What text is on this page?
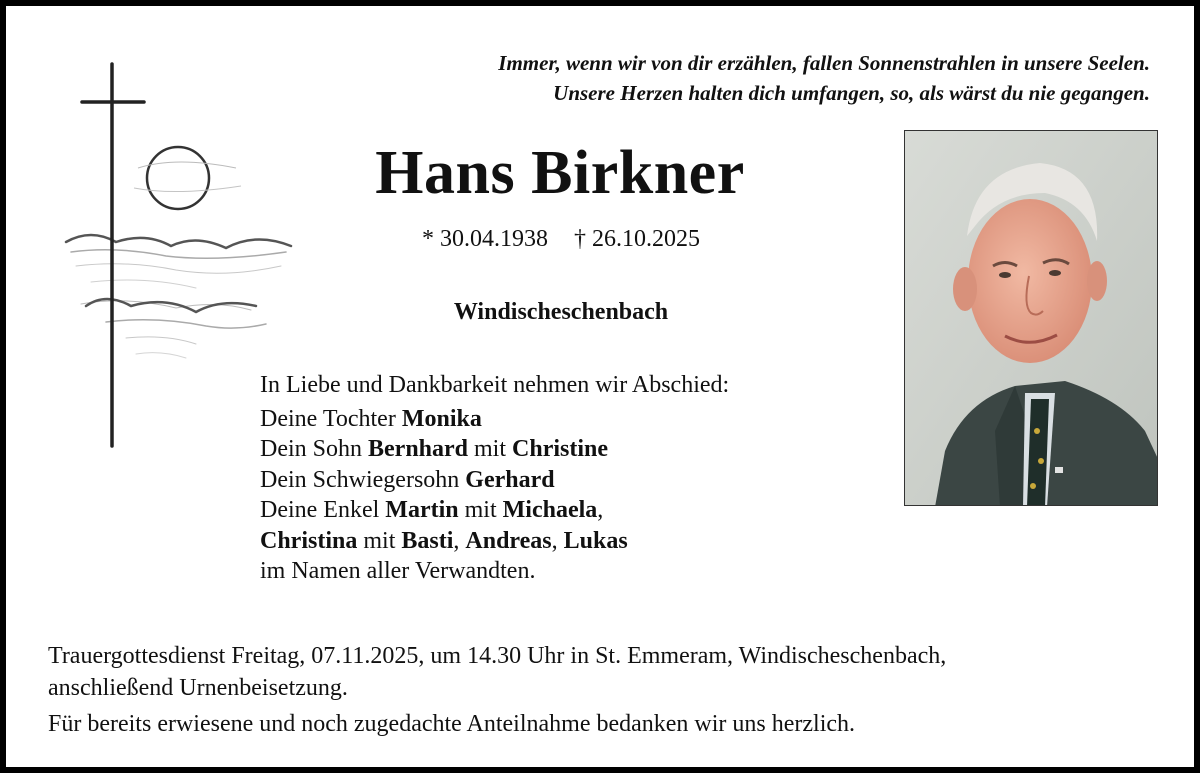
Immer, wenn wir von dir erzählen, fallen Sonnenstrahlen in unsere Seelen.
Unsere Herzen halten dich umfangen, so, als wärst du nie gegangen.
Hans Birkner
* 30.04.1938 † 26.10.2025
Windischeschenbach
In Liebe und Dankbarkeit nehmen wir Abschied:
Deine Tochter Monika
Dein Sohn Bernhard mit Christine
Dein Schwiegersohn Gerhard
Deine Enkel Martin mit Michaela,
Christina mit Basti, Andreas, Lukas
im Namen aller Verwandten.
Trauergottesdienst Freitag, 07.11.2025, um 14.30 Uhr in St. Emmeram, Windischeschenbach,
anschließend Urnenbeisetzung.
Für bereits erwiesene und noch zugedachte Anteilnahme bedanken wir uns herzlich.
